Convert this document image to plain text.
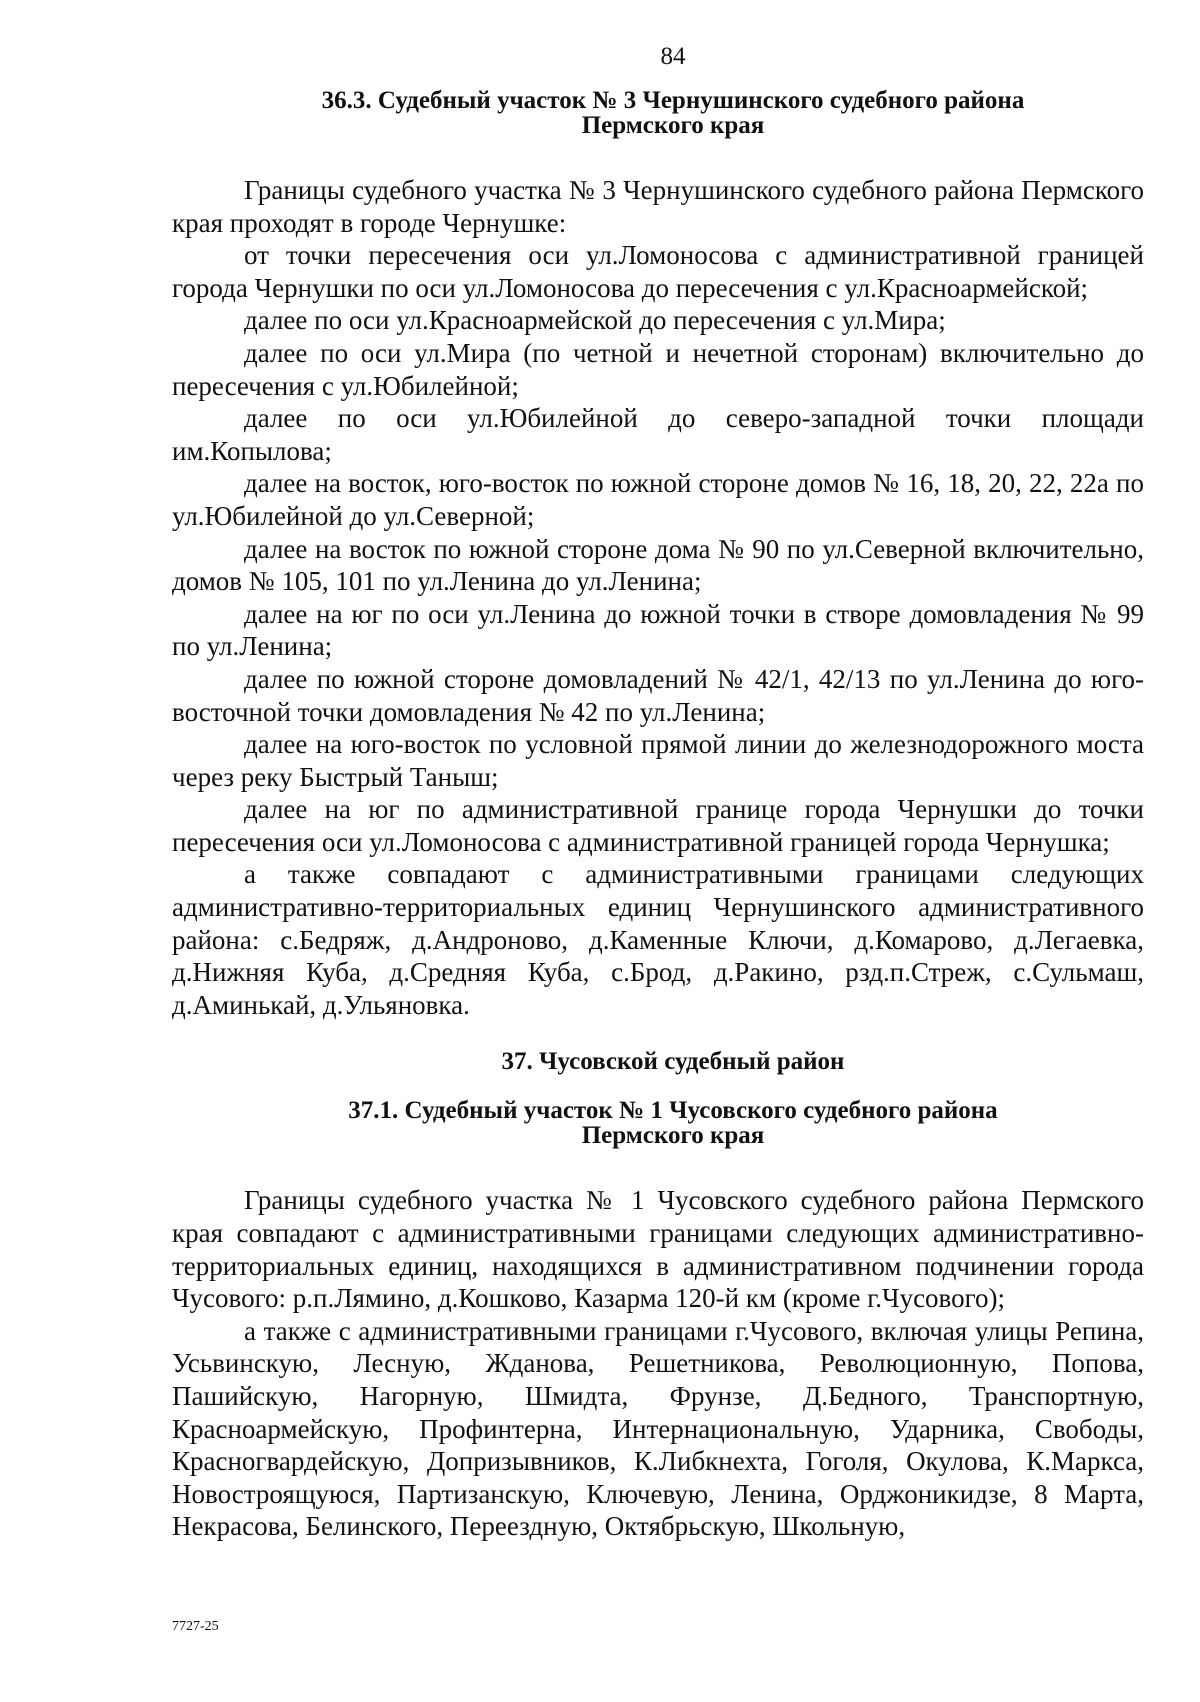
84
36.3. Судебный участок № 3 Чернушинского судебного района
Пермского края

Границы судебного участка № 3 Чернушинского судебного района Пермского края проходят в городе Чернушке:

от точки пересечения оси ул.Ломоносова с административной границей города Чернушки по оси ул.Ломоносова до пересечения с ул.Красноармейской;

далее по оси ул.Красноармейской до пересечения с ул.Мира;

далее по оси ул.Мира (по четной и нечетной сторонам) включительно до пересечения с ул.Юбилейной;

далее по оси ул.Юбилейной до северо-западной точки площади им.Копылова;

далее на восток, юго-восток по южной стороне домов № 16, 18, 20, 22, 22а по ул.Юбилейной до ул.Северной;

далее на восток по южной стороне дома № 90 по ул.Северной включительно, домов № 105, 101 по ул.Ленина до ул.Ленина;

далее на юг по оси ул.Ленина до южной точки в створе домовладения № 99 по ул.Ленина;

далее по южной стороне домовладений № 42/1, 42/13 по ул.Ленина до юго-восточной точки домовладения № 42 по ул.Ленина;

далее на юго-восток по условной прямой линии до железнодорожного моста через реку Быстрый Таныш;

далее на юг по административной границе города Чернушки до точки пересечения оси ул.Ломоносова с административной границей города Чернушка;

а также совпадают с административными границами следующих административно-территориальных единиц Чернушинского административного района: с.Бедряж, д.Андроново, д.Каменные Ключи, д.Комарово, д.Легаевка, д.Нижняя Куба, д.Средняя Куба, с.Брод, д.Ракино, рзд.п.Стреж, с.Сульмаш, д.Аминькай, д.Ульяновка.

37. Чусовской судебный район
37.1. Судебный участок № 1 Чусовского судебного района
Пермского края

Границы судебного участка № 1 Чусовского судебного района Пермского края совпадают с административными границами следующих административно-территориальных единиц, находящихся в административном подчинении города Чусового: р.п.Лямино, д.Кошково, Казарма 120-й км (кроме г.Чусового);

а также с административными границами г.Чусового, включая улицы Репина, Усьвинскую, Лесную, Жданова, Решетникова, Революционную, Попова, Пашийскую, Нагорную, Шмидта, Фрунзе, Д.Бедного, Транспортную, Красноармейскую, Профинтерна, Интернациональную, Ударника, Свободы, Красногвардейскую, Допризывников, К.Либкнехта, Гоголя, Окулова, К.Маркса, Новостроящуюся, Партизанскую, Ключевую, Ленина, Орджоникидзе, 8 Марта, Некрасова, Белинского, Переездную, Октябрьскую, Школьную,

7727-25
